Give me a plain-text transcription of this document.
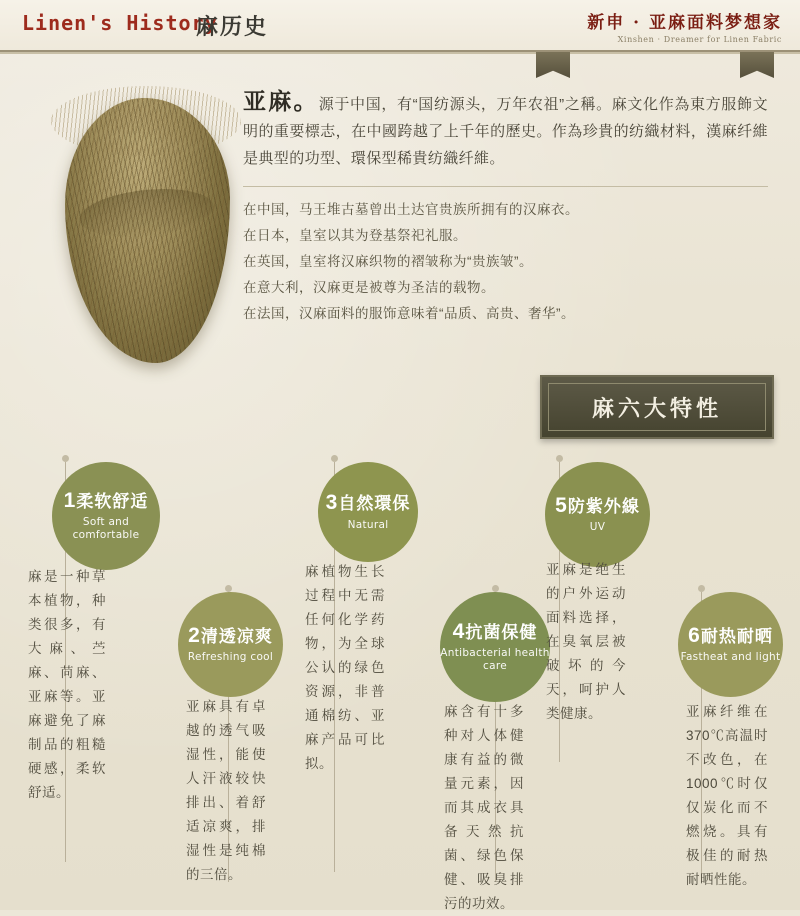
Linen's History
麻历史	新申 · 亚麻面料梦想家
Xinshen · Dreamer for Linen Fabric
亚麻。源于中国，有“国纺源头，万年农祖”之稱。麻文化作為東方服飾文明的重要標志，在中國跨越了上千年的歷史。作為珍貴的纺織材料，漢麻纤維是典型的功型、環保型稀貴纺織纤維。
在中国，马王堆古墓曾出土达官贵族所拥有的汉麻衣。
在日本，皇室以其为登基祭祀礼服。
在英国，皇室将汉麻织物的褶皱称为“贵族皱”。
在意大利，汉麻更是被尊为圣洁的载物。
在法国，汉麻面料的服饰意味着“品质、高贵、奢华”。
麻六大特性
1 柔软舒适
Soft and comfortable
麻是一种草本植物，种类很多，有大麻、苎麻、苘麻、亚麻等。亚麻避免了麻制品的粗糙硬感，柔软舒适。
2 清透凉爽
Refreshing cool
亚麻具有卓越的透气吸湿性，能使人汗液较快排出、着舒适凉爽，排湿性是纯棉的三倍。
3 自然環保
Natural
麻植物生长过程中无需任何化学药物，为全球公认的绿色资源，非普通棉纺、亚麻产品可比拟。
4 抗菌保健
Antibacterial health care
麻含有十多种对人体健康有益的微量元素，因而其成衣具备天然抗菌、绿色保健、吸臭排污的功效。
5 防紫外線
UV
亚麻是绝生的户外运动面料选择，在臭氧层被破坏的今天，呵护人类健康。
6 耐热耐晒
Fastheat and light
亚麻纤维在370℃高温时不改色，在1000℃时仅仅炭化而不燃烧。具有极佳的耐热耐晒性能。
